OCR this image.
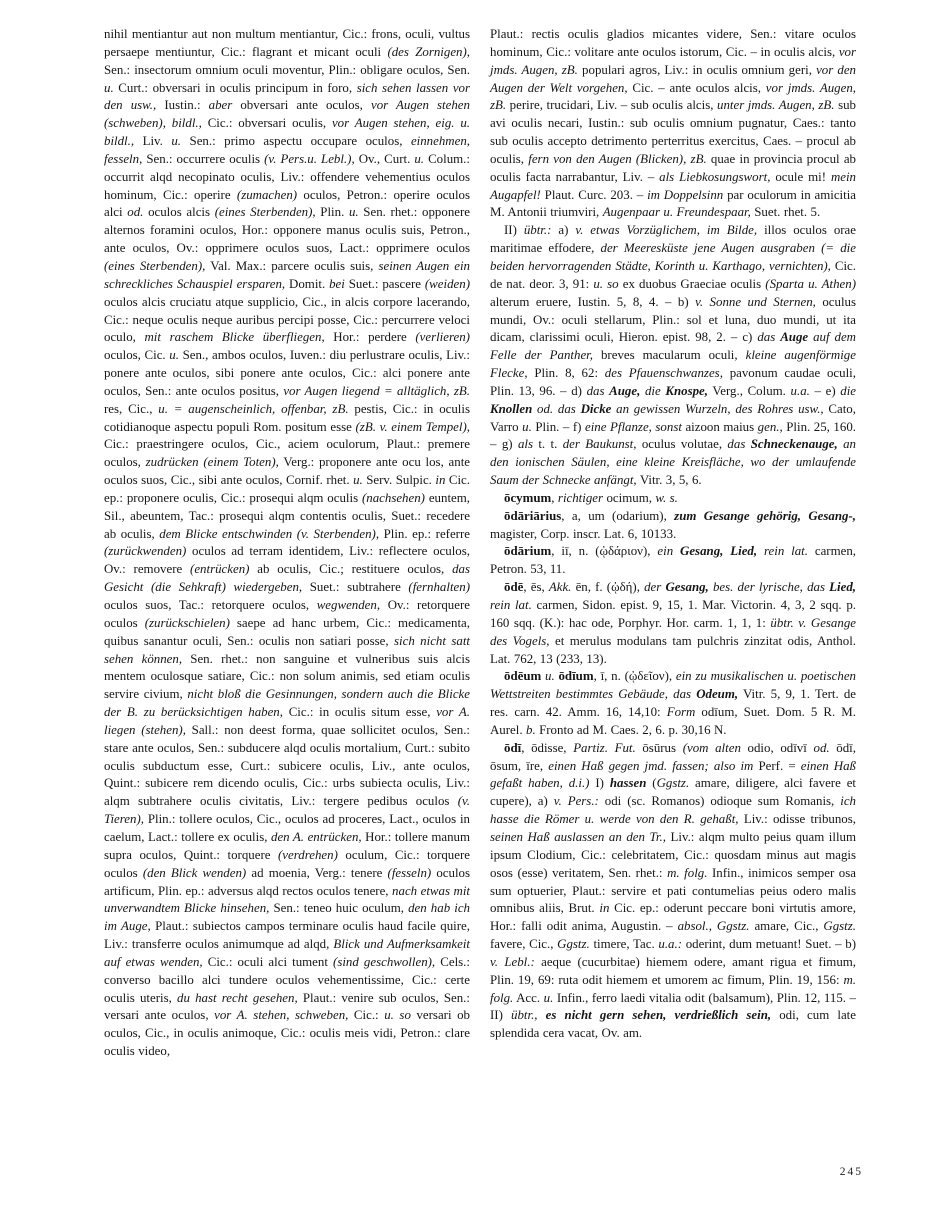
nihil mentiantur aut non multum mentiantur, Cic.: frons, oculi, vultus persaepe mentiuntur, Cic.: flagrant et micant oculi (des Zornigen), Sen.: insectorum omnium oculi moventur, Plin.: obligare oculos, Sen. u. Curt.: obversari in oculis principum in foro, sich sehen lassen vor den usw., Iustin.: aber obversari ante oculos, vor Augen stehen (schweben), bildl., Cic.: obversari oculis, vor Augen stehen, eig. u. bildl., Liv. u. Sen.: primo aspectu occupare oculos, einnehmen, fesseln, Sen.: occurrere oculis (v. Pers.u. Lebl.), Ov., Curt. u. Colum.: occurrit alqd necopinato oculis, Liv.: offendere vehementius oculos hominum, Cic.: operire (zumachen) oculos, Petron.: operire oculos alci od. oculos alcis (eines Sterbenden), Plin. u. Sen. rhet.: opponere alternos foramini oculos, Hor.: opponere manus oculis suis, Petron., ante oculos, Ov.: opprimere oculos suos, Lact.: opprimere oculos (eines Sterbenden), Val. Max.: parcere oculis suis, seinen Augen ein schreckliches Schauspiel ersparen, Domit. bei Suet.: pascere (weiden) oculos alcis cruciatu atque supplicio, Cic., in alcis corpore lacerando, Cic.: neque oculis neque auribus percipi posse, Cic.: percurrere veloci oculo, mit raschem Blicke überfliegen, Hor.: perdere (verlieren) oculos, Cic. u. Sen., ambos oculos, Iuven.: diu perlustrare oculis, Liv.: ponere ante oculos, sibi ponere ante oculos, Cic.: alci ponere ante oculos, Sen.: ante oculos positus, vor Augen liegend = alltäglich, zB. res, Cic., u. = augenscheinlich, offenbar, zB. pestis, Cic.: in oculis cotidianoque aspectu populi Rom. positum esse (zB. v. einem Tempel), Cic.: praestringere oculos, Cic., aciem oculorum, Plaut.: premere oculos, zudrücken (einem Toten), Verg.: proponere ante ocu los, ante oculos suos, Cic., sibi ante oculos, Cornif. rhet. u. Serv. Sulpic. in Cic. ep.: proponere oculis, Cic.: prosequi alqm oculis (nachsehen) euntem, Sil., abeuntem, Tac.: prosequi alqm contentis oculis, Suet.: recedere ab oculis, dem Blicke entschwinden (v. Sterbenden), Plin. ep.: referre (zurückwenden) oculos ad terram identidem, Liv.: reflectere oculos, Ov.: removere (entrücken) ab oculis, Cic.; restituere oculos, das Gesicht (die Sehkraft) wiedergeben, Suet.: subtrahere (fernhalten) oculos suos, Tac.: retorquere oculos, wegwenden, Ov.: retorquere oculos (zurückschielen) saepe ad hanc urbem, Cic.: medicamenta, quibus sanantur oculi, Sen.: oculis non satiari posse, sich nicht satt sehen können, Sen. rhet.: non sanguine et vulneribus suis alcis mentem oculosque satiare, Cic.: non solum animis, sed etiam oculis servire civium, nicht bloß die Gesinnungen, sondern auch die Blicke der B. zu berücksichtigen haben, Cic.: in oculis situm esse, vor A. liegen (stehen), Sall.: non deest forma, quae sollicitet oculos, Sen.: stare ante oculos, Sen.: subducere alqd oculis mortalium, Curt.: subito oculis subductum esse, Curt.: subicere oculis, Liv., ante oculos, Quint.: subicere rem dicendo oculis, Cic.: urbs subiecta oculis, Liv.: alqm subtrahere oculis civitatis, Liv.: tergere pedibus oculos (v. Tieren), Plin.: tollere oculos, Cic., oculos ad proceres, Lact., oculos in caelum, Lact.: tollere ex oculis, den A. entrücken, Hor.: tollere manum supra oculos, Quint.: torquere (verdrehen) oculum, Cic.: torquere oculos (den Blick wenden) ad moenia, Verg.: tenere (fesseln) oculos artificum, Plin. ep.: adversus alqd rectos oculos tenere, nach etwas mit unverwandtem Blicke hinsehen, Sen.: teneo huic oculum, den hab ich im Auge, Plaut.: subiectos campos terminare oculis haud facile quire, Liv.: transferre oculos animumque ad alqd, Blick und Aufmerksamkeit auf etwas wenden, Cic.: oculi alci tument (sind geschwollen), Cels.: converso bacillo alci tundere oculos vehementissime, Cic.: certe oculis uteris, du hast recht gesehen, Plaut.: venire sub oculos, Sen.: versari ante oculos, vor A. stehen, schweben, Cic.: u. so versari ob oculos, Cic., in oculis animoque, Cic.: oculis meis vidi, Petron.: clare oculis video,

Plaut.: rectis oculis gladios micantes videre, Sen.: vitare oculos hominum, Cic.: volitare ante oculos istorum, Cic. – in oculis alcis, vor jmds. Augen, zB. populari agros, Liv.: in oculis omnium geri, vor den Augen der Welt vorgehen, Cic. – ante oculos alcis, vor jmds. Augen, zB. perire, trucidari, Liv. – sub oculis alcis, unter jmds. Augen, zB. sub avi oculis necari, Iustin.: sub oculis omnium pugnatur, Caes.: tanto sub oculis accepto detrimento perterritus exercitus, Caes. – procul ab oculis, fern von den Augen (Blicken), zB. quae in provincia procul ab oculis facta narrabantur, Liv. – als Liebkosungswort, ocule mi! mein Augapfel! Plaut. Curc. 203. – im Doppelsinn par oculorum in amicitia M. Antonii triumviri, Augenpaar u. Freundespaar, Suet. rhet. 5.

II) übtr.: a) v. etwas Vorzüglichem, im Bilde, illos oculos orae maritimae effodere, der Meeresküste jene Augen ausgraben (= die beiden hervorragenden Städte, Korinth u. Karthago, vernichten), Cic. de nat. deor. 3, 91: u. so ex duobus Graeciae oculis (Sparta u. Athen) alterum eruere, Iustin. 5, 8, 4. – b) v. Sonne und Sternen, oculus mundi, Ov.: oculi stellarum, Plin.: sol et luna, duo mundi, ut ita dicam, clarissimi oculi, Hieron. epist. 98, 2. – c) das Auge auf dem Felle der Panther, breves macularum oculi, kleine augenförmige Flecke, Plin. 8, 62: des Pfauenschwanzes, pavonum caudae oculi, Plin. 13, 96. – d) das Auge, die Knospe, Verg., Colum. u.a. – e) die Knollen od. das Dicke an gewissen Wurzeln, des Rohres usw., Cato, Varro u. Plin. – f) eine Pflanze, sonst aizoon maius gen., Plin. 25, 160. – g) als t. t. der Baukunst, oculus volutae, das Schneckenauge, an den ionischen Säulen, eine kleine Kreisfläche, wo der umlaufende Saum der Schnecke anfängt, Vitr. 3, 5, 6.

ōcymum, richtiger ocimum, w. s.

ōdāriārius, a, um (odarium), zum Gesange gehörig, Gesang-, magister, Corp. inscr. Lat. 6, 10133.

ōdārium, iī, n. (ᾠδάριον), ein Gesang, Lied, rein lat. carmen, Petron. 53, 11.

ōdē, ēs, Akk. ēn, f. (ᾠδή), der Gesang, bes. der lyrische, das Lied, rein lat. carmen, Sidon. epist. 9, 15, 1. Mar. Victorin. 4, 3, 2 sqq. p. 160 sqq. (K.): hac ode, Porphyr. Hor. carm. 1, 1, 1: übtr. v. Gesange des Vogels, et merulus modulans tam pulchris zinzitat odis, Anthol. Lat. 762, 13 (233, 13).

ōdēum u. ōdīum, ī, n. (ᾠδεῖον), ein zu musikalischen u. poetischen Wettstreiten bestimmtes Gebäude, das Odeum, Vitr. 5, 9, 1. Tert. de res. carn. 42. Amm. 16, 14,10: Form odīum, Suet. Dom. 5 R. M. Aurel. b. Fronto ad M. Caes. 2, 6. p. 30,16 N.

ōdī, ōdisse, Partiz. Fut. ōsūrus (vom alten odio, odīvī od. ōdī, ōsum, īre, einen Haß gegen jmd. fassen; also im Perf. = einen Haß gefaßt haben, d.i.) I) hassen (Ggstz. amare, diligere, alci favere et cupere), a) v. Pers.: odi (sc. Romanos) odioque sum Romanis, ich hasse die Römer u. werde von den R. gehaßt, Liv.: odisse tribunos, seinen Haß auslassen an den Tr., Liv.: alqm multo peius quam illum ipsum Clodium, Cic.: celebritatem, Cic.: quosdam minus aut magis osos (esse) veritatem, Sen. rhet.: m. folg. Infin., inimicos semper osa sum optuerier, Plaut.: servire et pati contumelias peius odero malis omnibus aliis, Brut. in Cic. ep.: oderunt peccare boni virtutis amore, Hor.: falli odit anima, Augustin. – absol., Ggstz. amare, Cic., Ggstz. favere, Cic., Ggstz. timere, Tac. u.a.: oderint, dum metuant! Suet. – b) v. Lebl.: aeque (cucurbitae) hiemem odere, amant rigua et fimum, Plin. 19, 69: ruta odit hiemem et umorem ac fimum, Plin. 19, 156: m. folg. Acc. u. Infin., ferro laedi vitalia odit (balsamum), Plin. 12, 115. – II) übtr., es nicht gern sehen, verdrießlich sein, odi, cum late splendida cera vacat, Ov. am.

245
